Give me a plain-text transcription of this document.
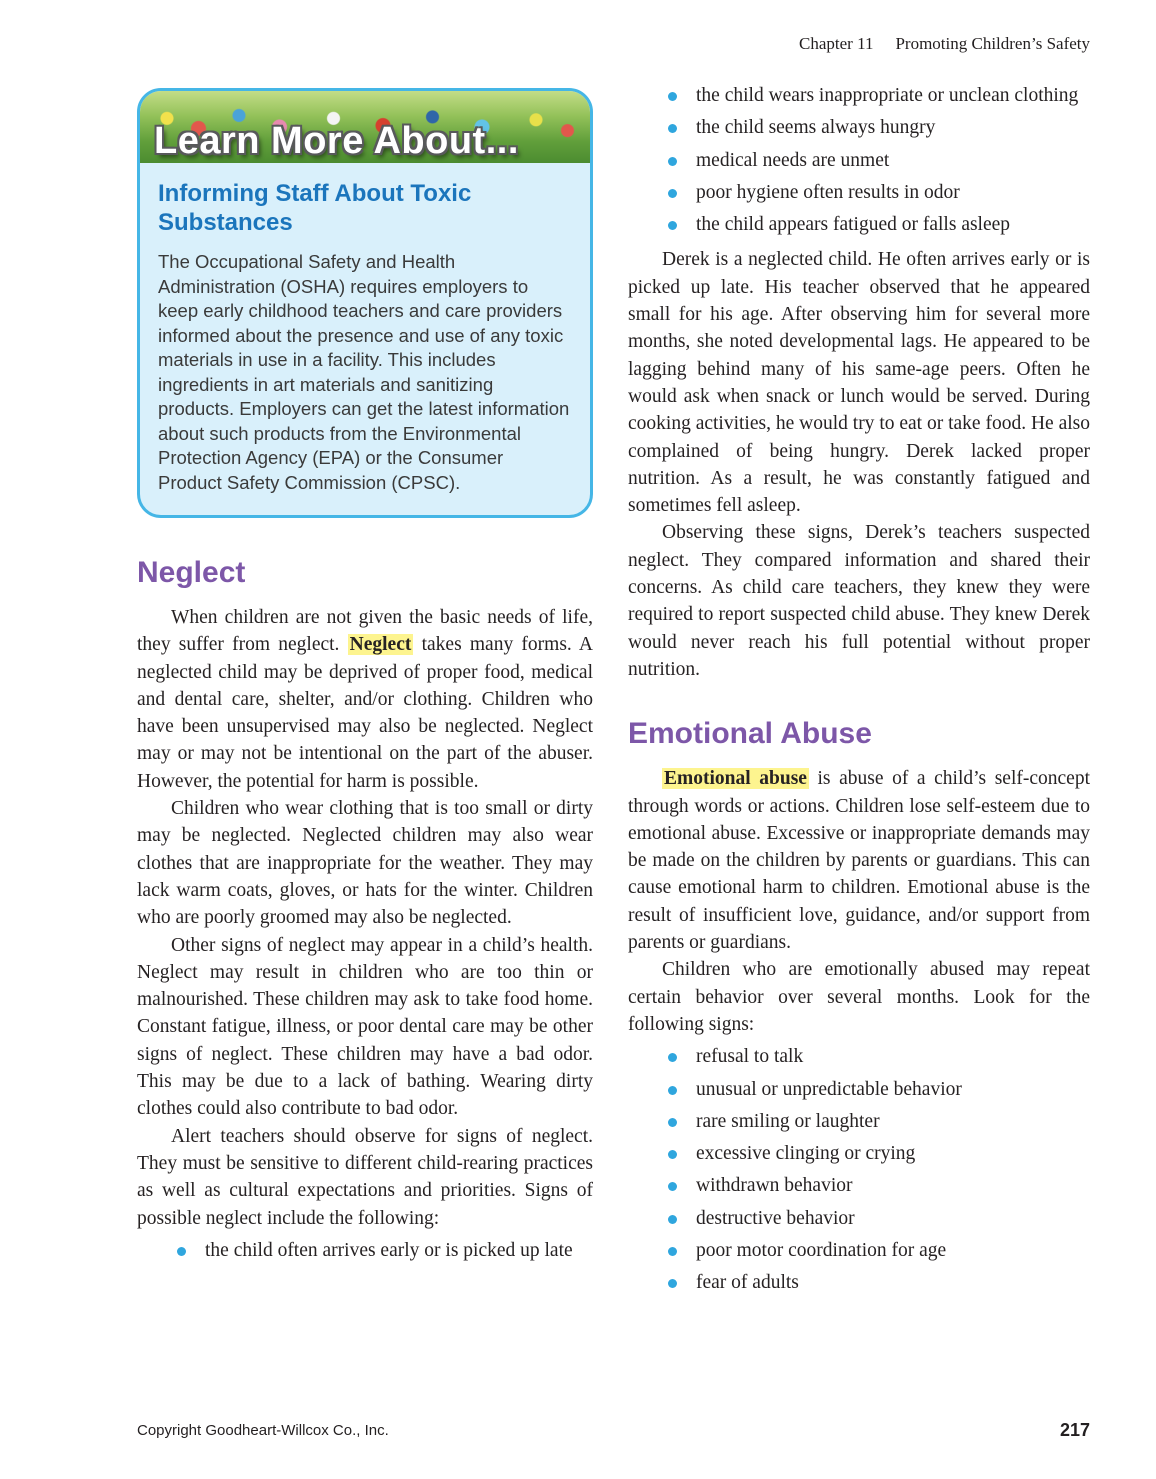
Chapter 11 Promoting Children’s Safety
Learn More About...
Informing Staff About Toxic Substances

The Occupational Safety and Health Administration (OSHA) requires employers to keep early childhood teachers and care providers informed about the presence and use of any toxic materials in use in a facility. This includes ingredients in art materials and sanitizing products. Employers can get the latest information about such products from the Environmental Protection Agency (EPA) or the Consumer Product Safety Commission (CPSC).

Neglect

When children are not given the basic needs of life, they suffer from neglect. Neglect takes many forms. A neglected child may be deprived of proper food, medical and dental care, shelter, and/or clothing. Children who have been unsupervised may also be neglected. Neglect may or may not be intentional on the part of the abuser. However, the potential for harm is possible.

Children who wear clothing that is too small or dirty may be neglected. Neglected children may also wear clothes that are inappropriate for the weather. They may lack warm coats, gloves, or hats for the winter. Children who are poorly groomed may also be neglected.

Other signs of neglect may appear in a child’s health. Neglect may result in children who are too thin or malnourished. These children may ask to take food home. Constant fatigue, illness, or poor dental care may be other signs of neglect. These children may have a bad odor. This may be due to a lack of bathing. Wearing dirty clothes could also contribute to bad odor.

Alert teachers should observe for signs of neglect. They must be sensitive to different child-rearing practices as well as cultural expectations and priorities. Signs of possible neglect include the following:

the child often arrives early or is picked up late
the child wears inappropriate or unclean clothing
the child seems always hungry
medical needs are unmet
poor hygiene often results in odor
the child appears fatigued or falls asleep

Derek is a neglected child. He often arrives early or is picked up late. His teacher observed that he appeared small for his age. After observing him for several more months, she noted developmental lags. He appeared to be lagging behind many of his same-age peers. Often he would ask when snack or lunch would be served. During cooking activities, he would try to eat or take food. He also complained of being hungry. Derek lacked proper nutrition. As a result, he was constantly fatigued and sometimes fell asleep.

Observing these signs, Derek’s teachers suspected neglect. They compared information and shared their concerns. As child care teachers, they knew they were required to report suspected child abuse. They knew Derek would never reach his full potential without proper nutrition.

Emotional Abuse

Emotional abuse is abuse of a child’s self-concept through words or actions. Children lose self-esteem due to emotional abuse. Excessive or inappropriate demands may be made on the children by parents or guardians. This can cause emotional harm to children. Emotional abuse is the result of insufficient love, guidance, and/or support from parents or guardians.

Children who are emotionally abused may repeat certain behavior over several months. Look for the following signs:

refusal to talk
unusual or unpredictable behavior
rare smiling or laughter
excessive clinging or crying
withdrawn behavior
destructive behavior
poor motor coordination for age
fear of adults
Copyright Goodheart-Willcox Co., Inc.	217
